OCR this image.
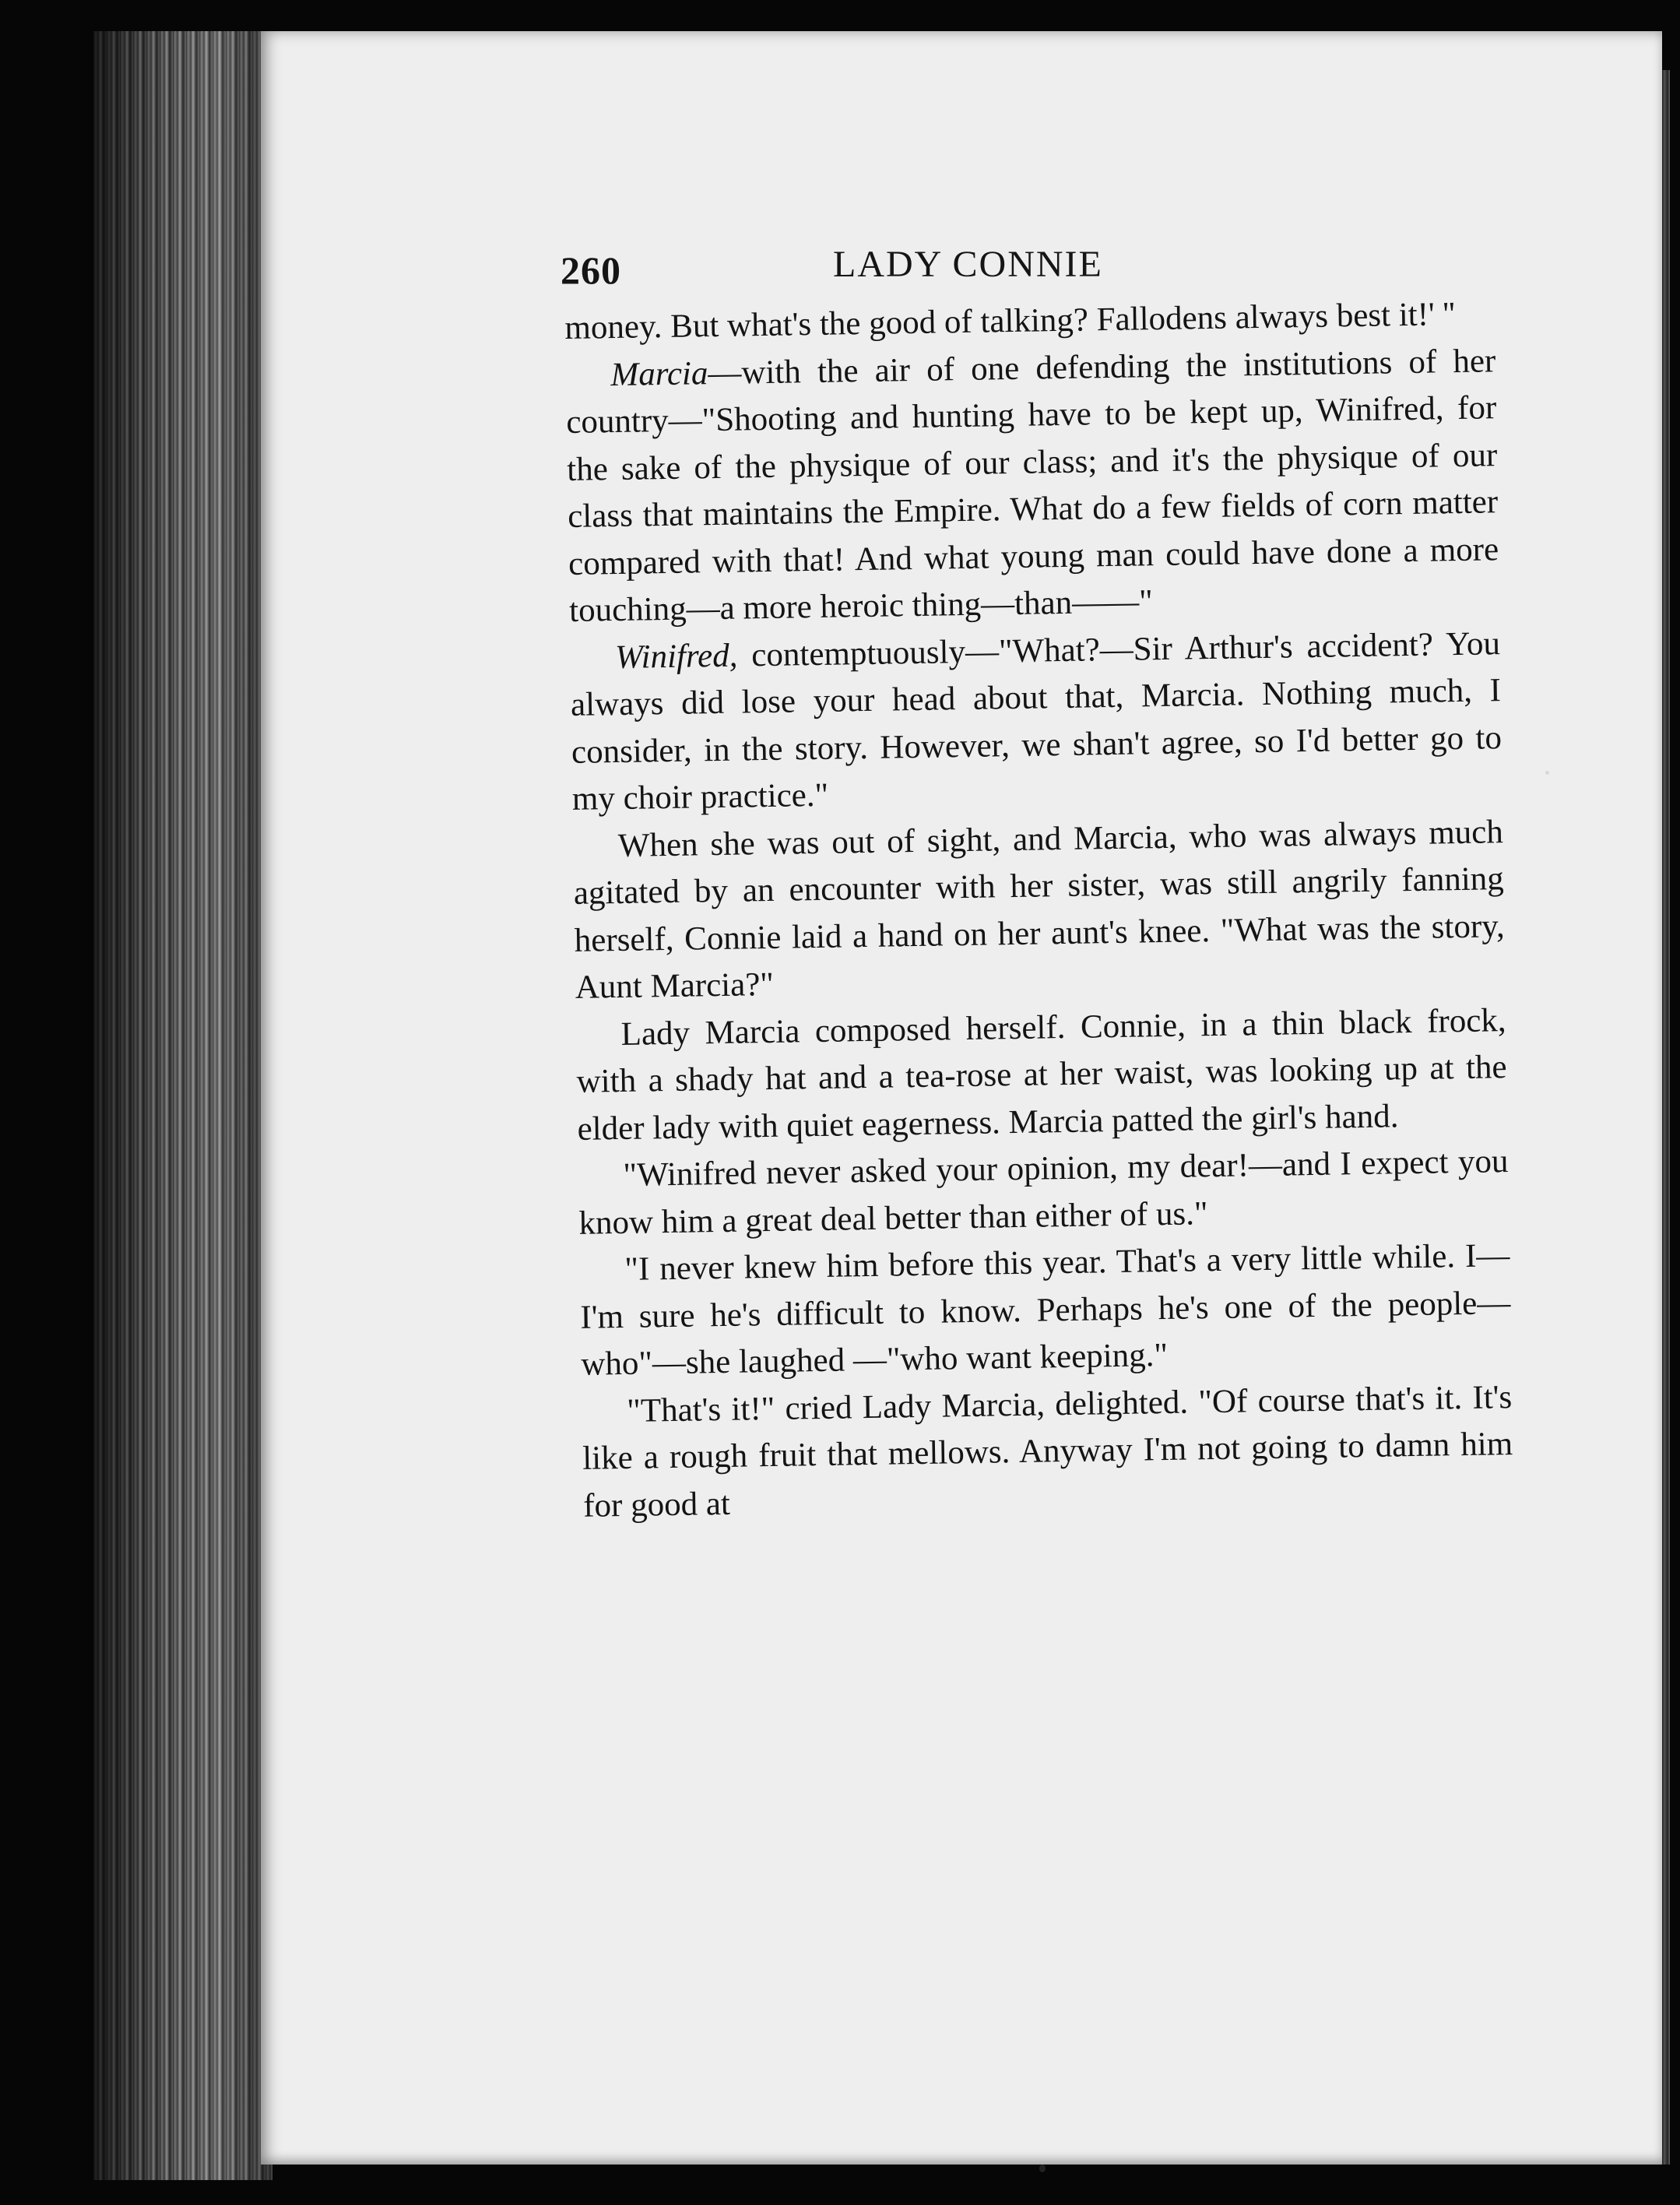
260	LADY CONNIE

money. But what's the good of talking? Fallodens always best it!' ''

Marcia—with the air of one defending the institutions of her country—"Shooting and hunting have to be kept up, Winifred, for the sake of the physique of our class; and it's the physique of our class that maintains the Empire. What do a few fields of corn matter compared with that! And what young man could have done a more touching—a more heroic thing—than——"

Winifred, contemptuously—"What?—Sir Arthur's accident? You always did lose your head about that, Marcia. Nothing much, I consider, in the story. However, we shan't agree, so I'd better go to my choir practice."

When she was out of sight, and Marcia, who was always much agitated by an encounter with her sister, was still angrily fanning herself, Connie laid a hand on her aunt's knee. "What was the story, Aunt Marcia?"

Lady Marcia composed herself. Connie, in a thin black frock, with a shady hat and a tea-rose at her waist, was looking up at the elder lady with quiet eagerness. Marcia patted the girl's hand.

"Winifred never asked your opinion, my dear!—and I expect you know him a great deal better than either of us."

"I never knew him before this year. That's a very little while. I—I'm sure he's difficult to know. Perhaps he's one of the people—who"—she laughed —"who want keeping."

"That's it!" cried Lady Marcia, delighted. "Of course that's it. It's like a rough fruit that mellows. Anyway I'm not going to damn him for good at
